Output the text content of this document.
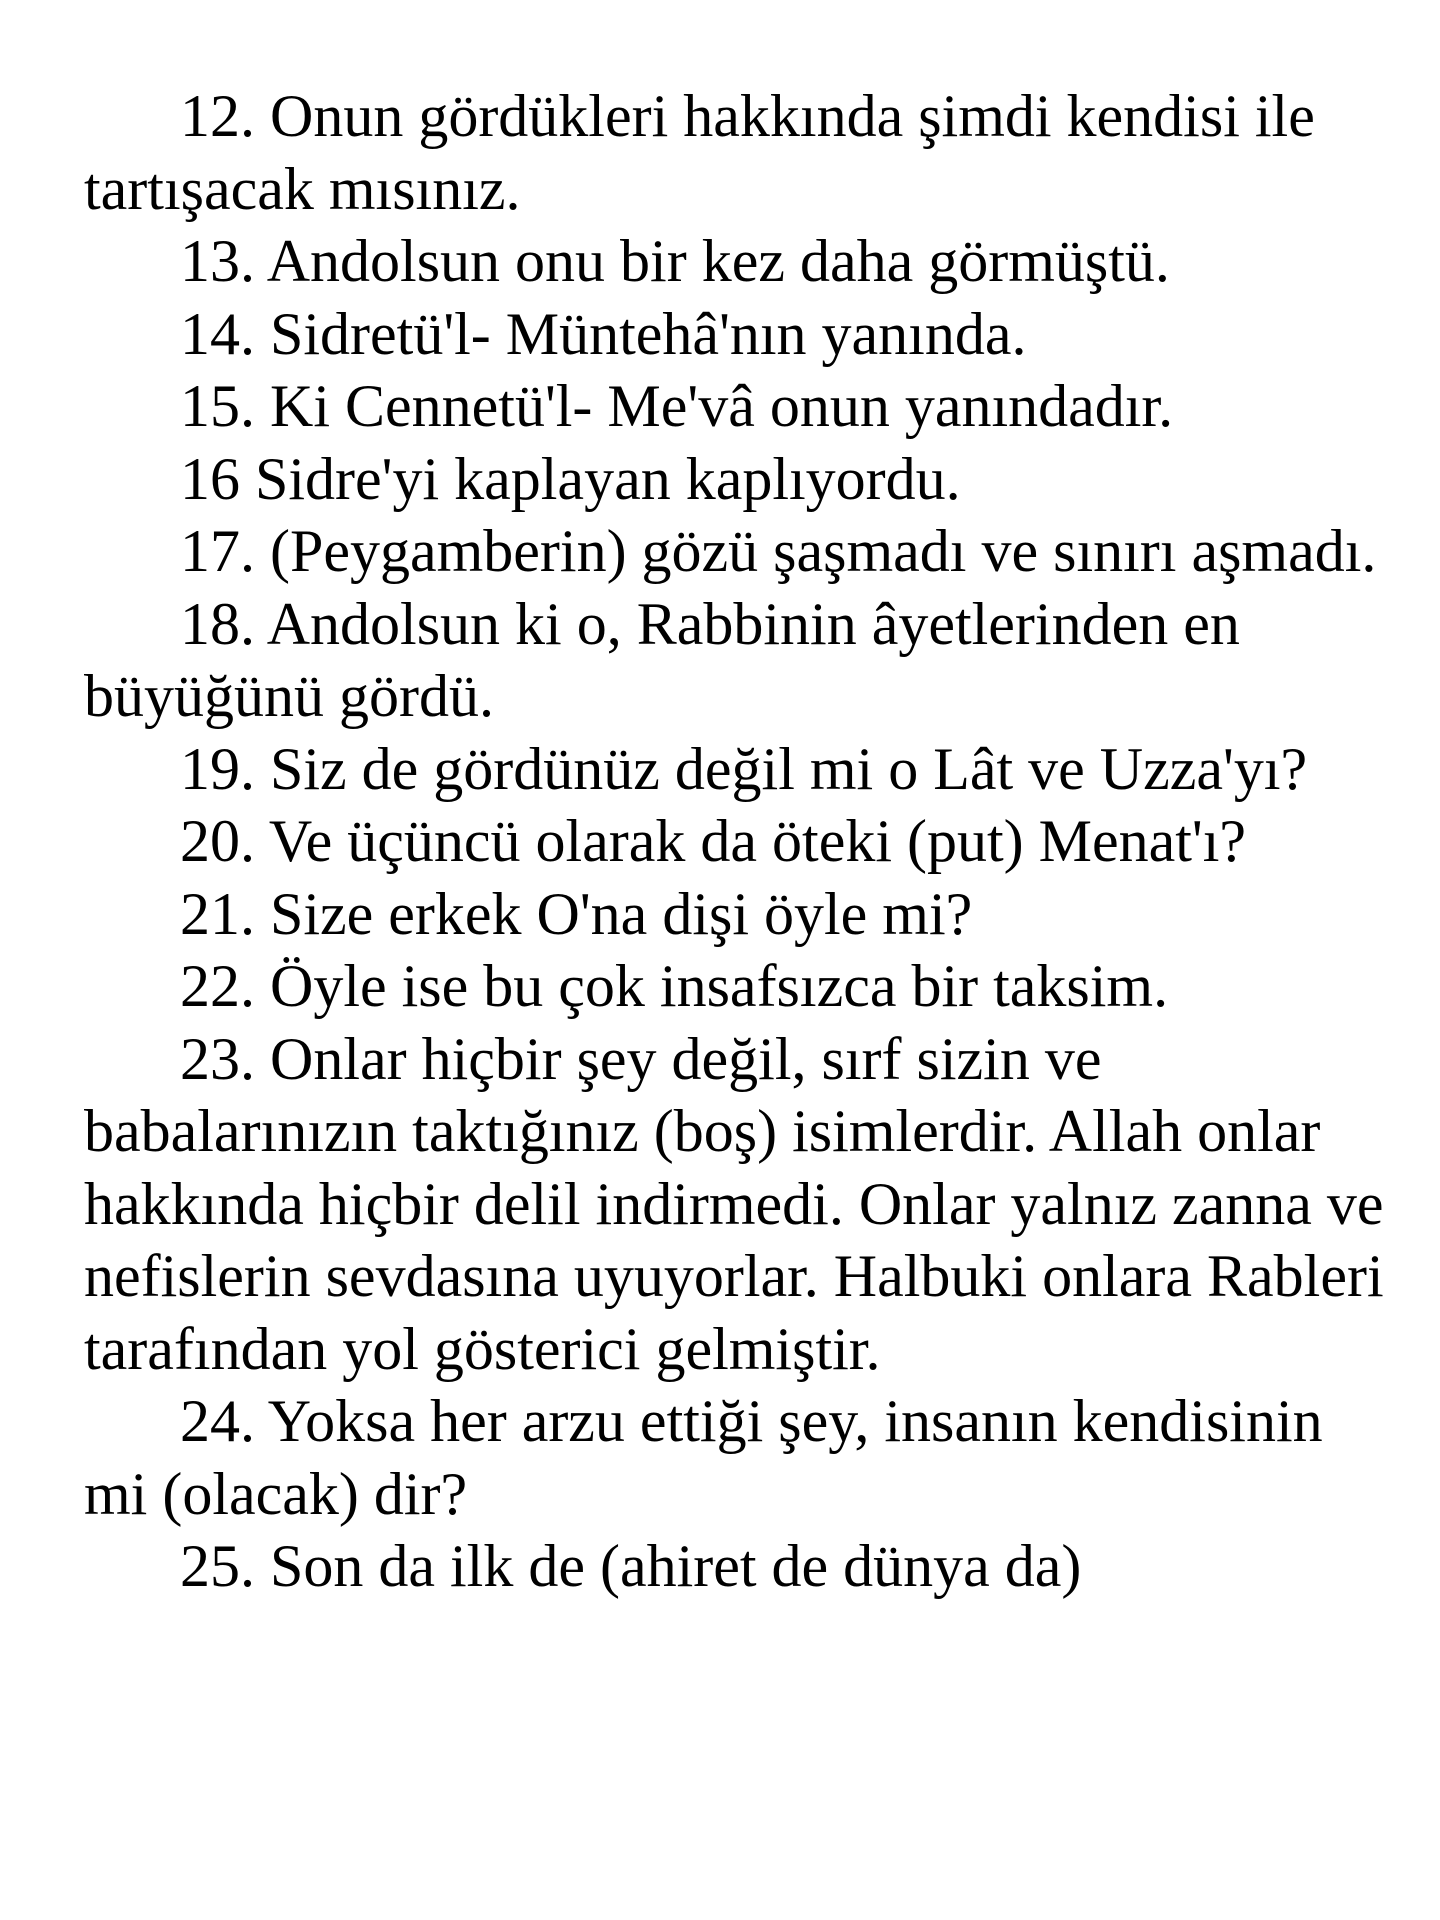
12. Onun gördükleri hakkında şimdi kendisi ile tartışacak mısınız.

13. Andolsun onu bir kez daha görmüştü.

14. Sidretü'l- Müntehâ'nın yanında.

15. Ki Cennetü'l- Me'vâ onun yanındadır.

16 Sidre'yi kaplayan kaplıyordu.

17. (Peygamberin) gözü şaşmadı ve sınırı aşmadı.

18. Andolsun ki o, Rabbinin âyetlerinden en büyüğünü gördü.

19. Siz de gördünüz değil mi o Lât ve Uzza'yı?

20. Ve üçüncü olarak da öteki (put) Menat'ı?

21. Size erkek O'na dişi öyle mi?

22. Öyle ise bu çok insafsızca bir taksim.

23. Onlar hiçbir şey değil, sırf sizin ve babalarınızın taktığınız (boş) isimlerdir. Allah onlar hakkında hiçbir delil indirmedi. Onlar yalnız zanna ve nefislerin sevdasına uyuyorlar. Halbuki onlara Rableri tarafından yol gösterici gelmiştir.

24. Yoksa her arzu ettiği şey, insanın kendisinin mi (olacak) dir?

25. Son da ilk de (ahiret de dünya da)
